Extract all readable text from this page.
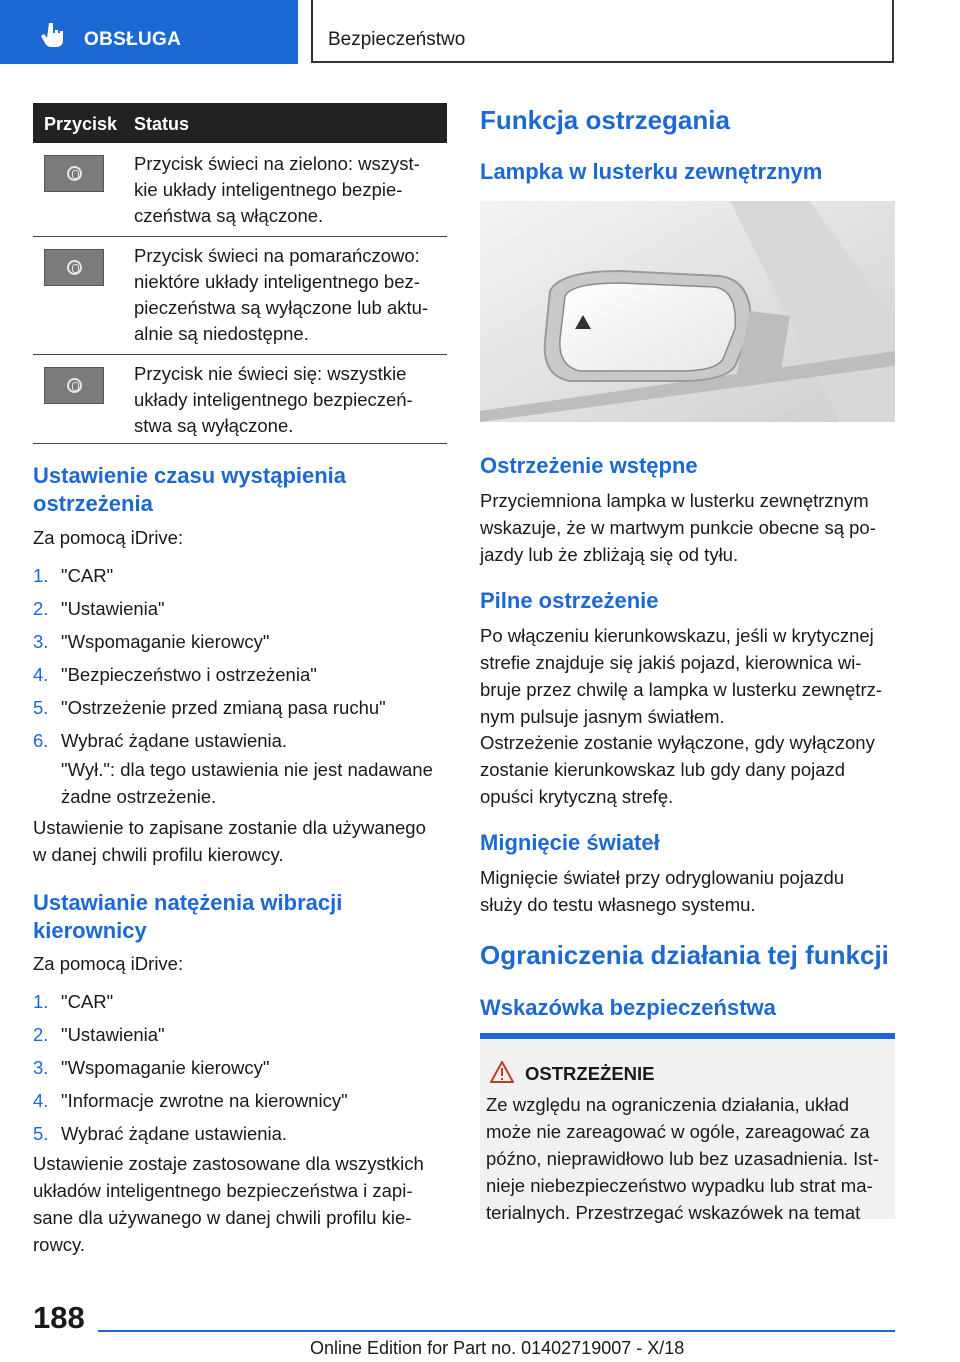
OBSŁUGA	Bezpieczeństwo
Przycisk Status
Przycisk świeci na zielono: wszyst-
kie układy inteligentnego bezpie-
czeństwa są włączone.
Przycisk świeci na pomarańczowo:
niektóre układy inteligentnego bez-
pieczeństwa są wyłączone lub aktu-
alnie są niedostępne.
Przycisk nie świeci się: wszystkie
układy inteligentnego bezpieczeń-
stwa są wyłączone.
Ustawienie czasu wystąpienia
ostrzeżenia

Za pomocą iDrive:

1. "CAR"
2. "Ustawienia"
3. "Wspomaganie kierowcy"
4. "Bezpieczeństwo i ostrzeżenia"
5. "Ostrzeżenie przed zmianą pasa ruchu"
6. Wybrać żądane ustawienia.

"Wył.": dla tego ustawienia nie jest nadawane
żadne ostrzeżenie.

Ustawienie to zapisane zostanie dla używanego
w danej chwili profilu kierowcy.

Ustawianie natężenia wibracji
kierownicy

Za pomocą iDrive:

1. "CAR"
2. "Ustawienia"
3. "Wspomaganie kierowcy"
4. "Informacje zwrotne na kierownicy"
5. Wybrać żądane ustawienia.

Ustawienie zostaje zastosowane dla wszystkich
układów inteligentnego bezpieczeństwa i zapi-
sane dla używanego w danej chwili profilu kie-
rowcy.

Funkcja ostrzegania
Lampka w lusterku zewnętrznym
Ostrzeżenie wstępne

Przyciemniona lampka w lusterku zewnętrznym
wskazuje, że w martwym punkcie obecne są po-
jazdy lub że zbliżają się od tyłu.

Pilne ostrzeżenie

Po włączeniu kierunkowskazu, jeśli w krytycznej
strefie znajduje się jakiś pojazd, kierownica wi-
bruje przez chwilę a lampka w lusterku zewnętrz-
nym pulsuje jasnym światłem.

Ostrzeżenie zostanie wyłączone, gdy wyłączony
zostanie kierunkowskaz lub gdy dany pojazd
opuści krytyczną strefę.

Mignięcie świateł

Mignięcie świateł przy odryglowaniu pojazdu
służy do testu własnego systemu.

Ograniczenia działania tej funkcji
Wskazówka bezpieczeństwa
OSTRZEŻENIE

Ze względu na ograniczenia działania, układ
może nie zareagować w ogóle, zareagować za
późno, nieprawidłowo lub bez uzasadnienia. Ist-
nieje niebezpieczeństwo wypadku lub strat ma-
terialnych. Przestrzegać wskazówek na temat

188
Online Edition for Part no. 01402719007 - X/18
